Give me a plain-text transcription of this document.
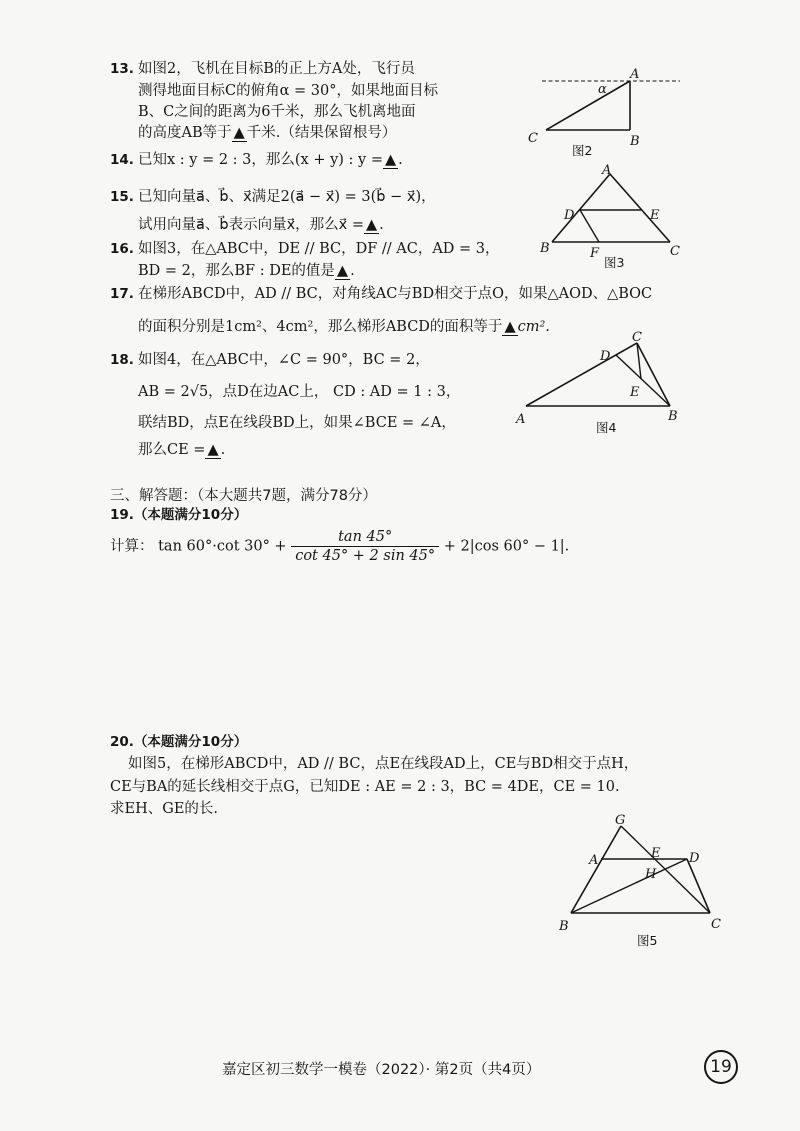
13. 如图2，飞机在目标B的正上方A处，飞行员
测得地面目标C的俯角α = 30°，如果地面目标
B、C之间的距离为6千米，那么飞机离地面
的高度AB等于 ▲ 千米.（结果保留根号）
A
B
C
α
图2
14. 已知x : y = 2 : 3，那么(x + y) : y = ▲ .
15. 已知向量a⃗、b⃗、x⃗满足2(a⃗ − x⃗) = 3(b⃗ − x⃗)，
试用向量a⃗、b⃗表示向量x⃗，那么x⃗ = ▲ .
A
B	C
D	E
F
图3
16. 如图3，在△ABC中，DE // BC，DF // AC，AD = 3，
BD = 2，那么BF : DE的值是 ▲ .
17. 在梯形ABCD中，AD // BC，对角线AC与BD相交于点O，如果△AOD、△BOC
的面积分别是1cm²、4cm²，那么梯形ABCD的面积等于 ▲ cm².
18. 如图4，在△ABC中，∠C = 90°，BC = 2，
AB = 2√5，点D在边AC上， CD : AD = 1 : 3，
联结BD，点E在线段BD上，如果∠BCE = ∠A，
那么CE = ▲ .
C
D
E
A	B
图4
三、解答题：（本大题共7题，满分78分）
19.（本题满分10分）
计算： tan 60°·cot $30^\circ + \frac{\tan 45^\circ}{\cot 45^\circ + 2 \sin 45^\circ} + 2|\cos$ 60° − 1|.
20.（本题满分10分）
如图5，在梯形ABCD中，AD // BC，点E在线段AD上，CE与BD相交于点H，
CE与BA的延长线相交于点G，已知DE : AE = 2 : 3，BC = 4DE，CE = 10.
求EH、GE的长.
G
A	E D
H
B	C
图5
嘉定区初三数学一模卷（2022）· 第2页（共4页）	19
